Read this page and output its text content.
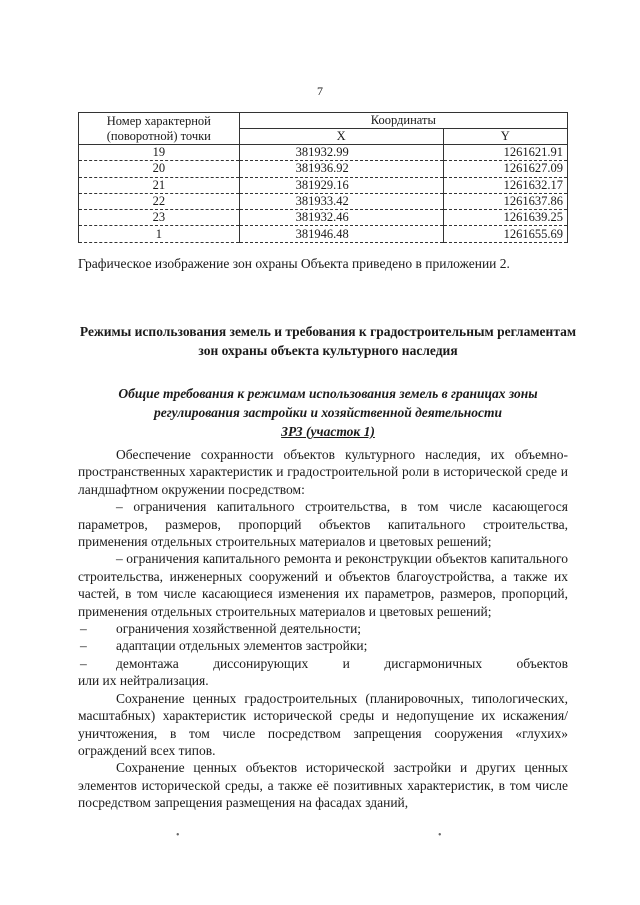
7
Номер характерной (поворотной) точки	Координаты	
	X	Y
19	381932.99	1261621.91
20	381936.92	1261627.09
21	381929.16	1261632.17
22	381933.42	1261637.86
23	381932.46	1261639.25
1	381946.48	1261655.69
Графическое изображение зон охраны Объекта приведено в приложении 2.
Режимы использования земель и требования к градостроительным регламентам зон охраны объекта культурного наследия
Общие требования к режимам использования земель в границах зоны регулирования застройки и хозяйственной деятельности
ЗРЗ (участок 1)

Обеспечение сохранности объектов культурного наследия, их объемно-пространственных характеристик и градостроительной роли в исторической среде и ландшафтном окружении посредством:

– ограничения капитального строительства, в том числе касающегося параметров, размеров, пропорций объектов капитального строительства, применения отдельных строительных материалов и цветовых решений;

– ограничения капитального ремонта и реконструкции объектов капитального строительства, инженерных сооружений и объектов благоустройства, а также их частей, в том числе касающиеся изменения их параметров, размеров, пропорций, применения отдельных строительных материалов и цветовых решений;

–	ограничения хозяйственной деятельности;
–	адаптации отдельных элементов застройки;
–	демонтажа диссонирующих и дисгармоничных объектов

или их нейтрализация.

Сохранение ценных градостроительных (планировочных, типологических, масштабных) характеристик исторической среды и недопущение их искажения/уничтожения, в том числе посредством запрещения сооружения «глухих» ограждений всех типов.

Сохранение ценных объектов исторической застройки и других ценных элементов исторической среды, а также её позитивных характеристик, в том числе посредством запрещения размещения на фасадах зданий,

•	•
